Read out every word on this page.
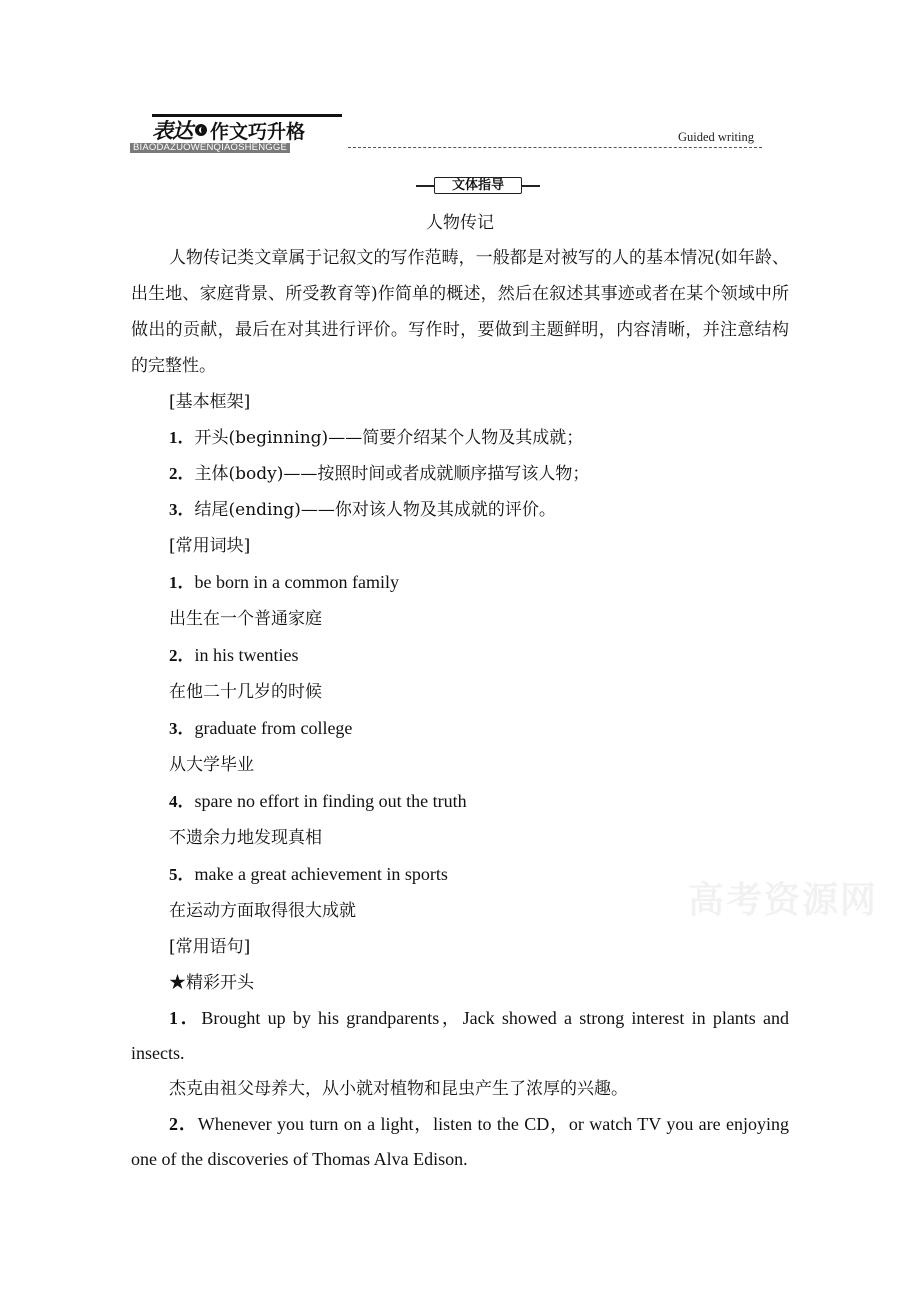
表达 作文巧升格
BIAODAZUOWENQIAOSHENGGE
Guided writing
文体指导
人物传记

人物传记类文章属于记叙文的写作范畴，一般都是对被写的人的基本情况(如年龄、出生地、家庭背景、所受教育等)作简单的概述，然后在叙述其事迹或者在某个领域中所做出的贡献，最后在对其进行评价。写作时，要做到主题鲜明，内容清晰，并注意结构的完整性。

[基本框架]

1．开头(beginning)——简要介绍某个人物及其成就；

2．主体(body)——按照时间或者成就顺序描写该人物；

3．结尾(ending)——你对该人物及其成就的评价。

[常用词块]

1．be born in a common family

出生在一个普通家庭

2．in his twenties

在他二十几岁的时候

3．graduate from college

从大学毕业

4．spare no effort in finding out the truth

不遗余力地发现真相

5．make a great achievement in sports

在运动方面取得很大成就

[常用语句]

★精彩开头

1．Brought up by his grandparents，Jack showed a strong interest in plants and insects.

杰克由祖父母养大，从小就对植物和昆虫产生了浓厚的兴趣。

2．Whenever you turn on a light，listen to the CD，or watch TV you are enjoying one of the discoveries of Thomas Alva Edison.

高考资源网
